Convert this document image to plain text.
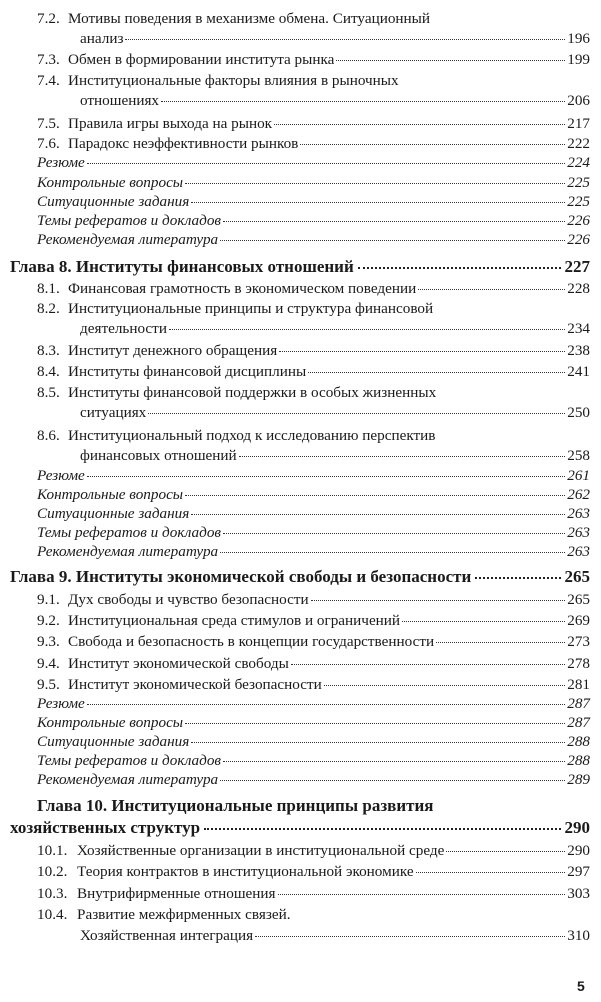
7.2. Мотивы поведения в механизме обмена. Ситуационный
анализ	196
7.3. Обмен в формировании института рынка	199
7.4. Институциональные факторы влияния в рыночных
отношениях	206
7.5. Правила игры выхода на рынок	217
7.6. Парадокс неэффективности рынков	222
Резюме	224
Контрольные вопросы	225
Ситуационные задания	225
Темы рефератов и докладов	226
Рекомендуемая литература	226
Глава 8. Институты финансовых отношений	227
8.1. Финансовая грамотность в экономическом поведении	228
8.2. Институциональные принципы и структура финансовой
деятельности	234
8.3. Институт денежного обращения	238
8.4. Институты финансовой дисциплины	241
8.5. Институты финансовой поддержки в особых жизненных
ситуациях	250
8.6. Институциональный подход к исследованию перспектив
финансовых отношений	258
Резюме	261
Контрольные вопросы	262
Ситуационные задания	263
Темы рефератов и докладов	263
Рекомендуемая литература	263
Глава 9. Институты экономической свободы и безопасности	265
9.1. Дух свободы и чувство безопасности	265
9.2. Институциональная среда стимулов и ограничений	269
9.3. Свобода и безопасность в концепции государственности	273
9.4. Институт экономической свободы	278
9.5. Институт экономической безопасности	281
Резюме	287
Контрольные вопросы	287
Ситуационные задания	288
Темы рефератов и докладов	288
Рекомендуемая литература	289
Глава 10. Институциональные принципы развития
хозяйственных структур	290
10.1. Хозяйственные организации в институциональной среде	290
10.2. Теория контрактов в институциональной экономике	297
10.3. Внутрифирменные отношения	303
10.4. Развитие межфирменных связей.
Хозяйственная интеграция	310
5
